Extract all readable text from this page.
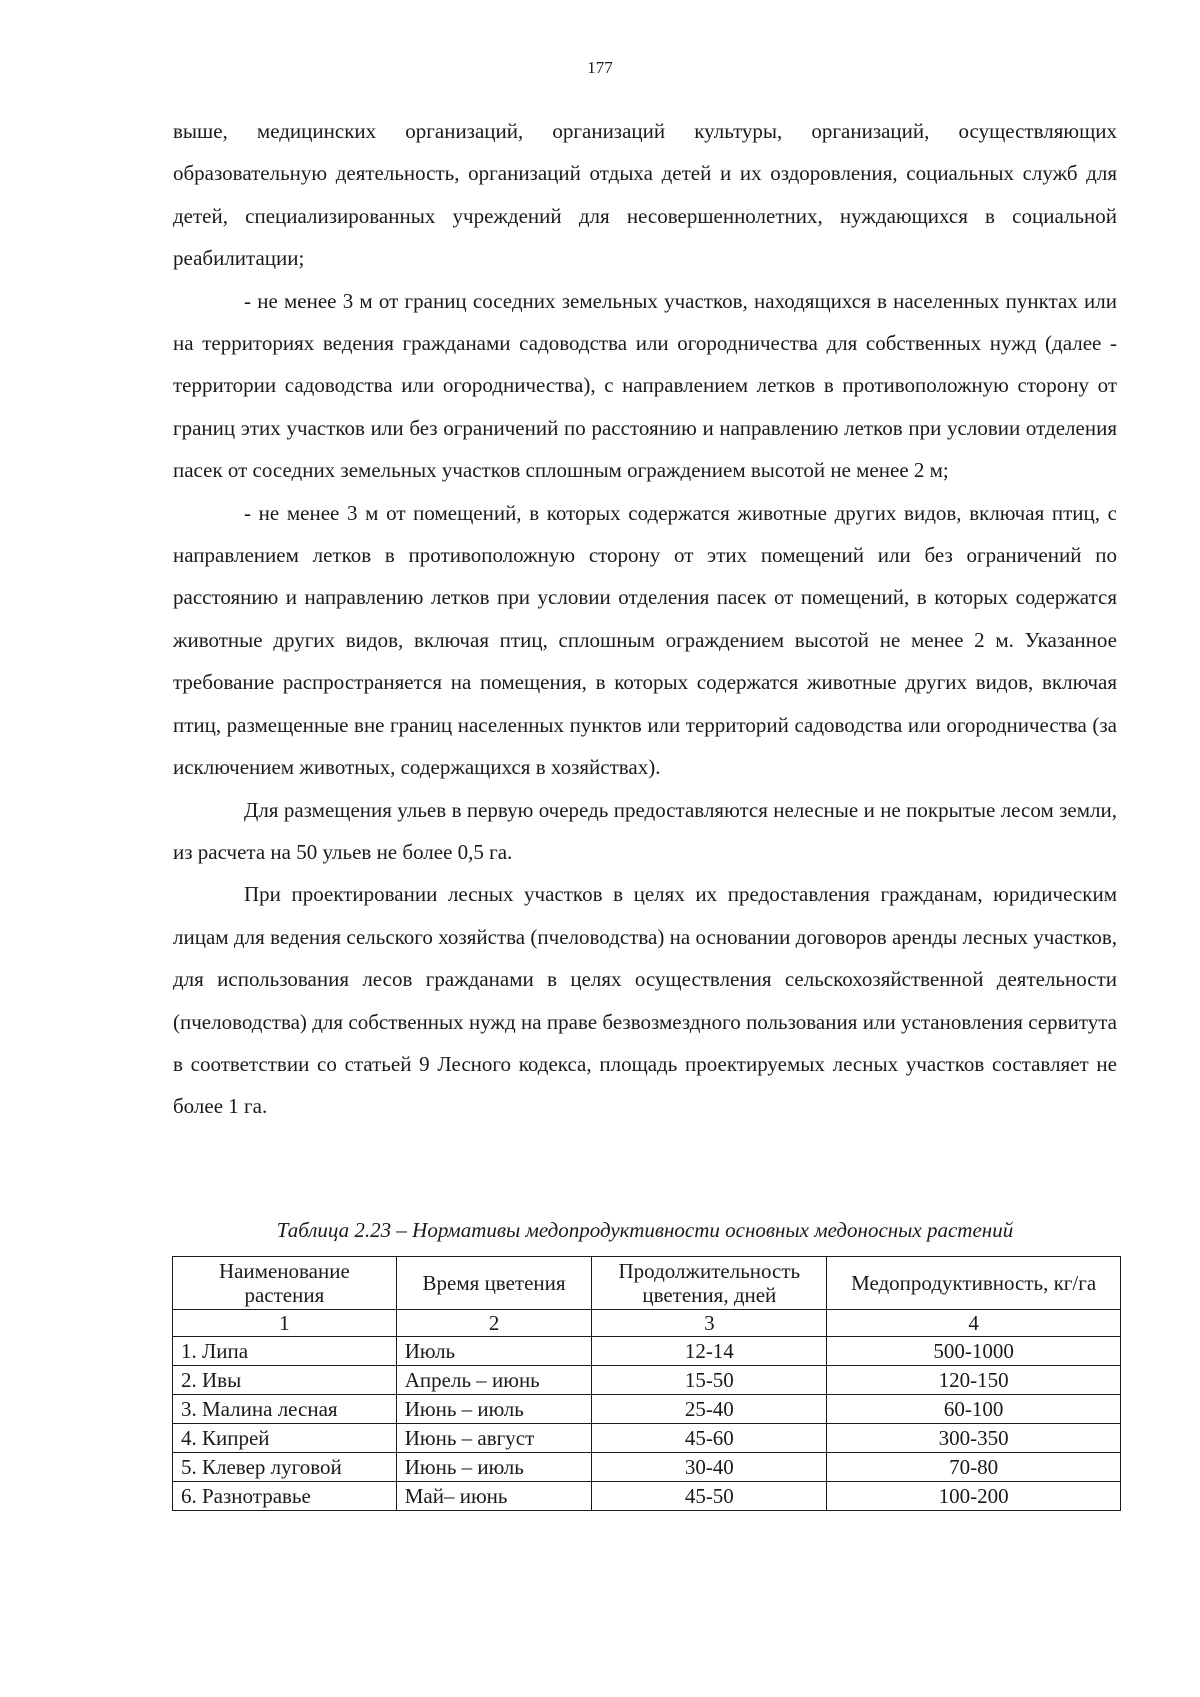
177

выше, медицинских организаций, организаций культуры, организаций, осуществляющих образовательную деятельность, организаций отдыха детей и их оздоровления, социальных служб для детей, специализированных учреждений для несовершеннолетних, нуждающихся в социальной реабилитации;

- не менее 3 м от границ соседних земельных участков, находящихся в населенных пунктах или на территориях ведения гражданами садоводства или огородничества для собственных нужд (далее - территории садоводства или огородничества), с направлением летков в противоположную сторону от границ этих участков или без ограничений по расстоянию и направлению летков при условии отделения пасек от соседних земельных участков сплошным ограждением высотой не менее 2 м;

- не менее 3 м от помещений, в которых содержатся животные других видов, включая птиц, с направлением летков в противоположную сторону от этих помещений или без ограничений по расстоянию и направлению летков при условии отделения пасек от помещений, в которых содержатся животные других видов, включая птиц, сплошным ограждением высотой не менее 2 м. Указанное требование распространяется на помещения, в которых содержатся животные других видов, включая птиц, размещенные вне границ населенных пунктов или территорий садоводства или огородничества (за исключением животных, содержащихся в хозяйствах).

Для размещения ульев в первую очередь предоставляются нелесные и не покрытые лесом земли, из расчета на 50 ульев не более 0,5 га.

При проектировании лесных участков в целях их предоставления гражданам, юридическим лицам для ведения сельского хозяйства (пчеловодства) на основании договоров аренды лесных участков, для использования лесов гражданами в целях осуществления сельскохозяйственной деятельности (пчеловодства) для собственных нужд на праве безвозмездного пользования или установления сервитута в соответствии со статьей 9 Лесного кодекса, площадь проектируемых лесных участков составляет не более 1 га.

Таблица 2.23 – Нормативы медопродуктивности основных медоносных растений
Наименование растения	Время цветения	Продолжительность цветения, дней	Медопродуктивность, кг/га
1	2	3	4
1. Липа	Июль	12-14	500-1000
2. Ивы	Апрель – июнь	15-50	120-150
3. Малина лесная	Июнь – июль	25-40	60-100
4. Кипрей	Июнь – август	45-60	300-350
5. Клевер луговой	Июнь – июль	30-40	70-80
6. Разнотравье	Май– июнь	45-50	100-200
